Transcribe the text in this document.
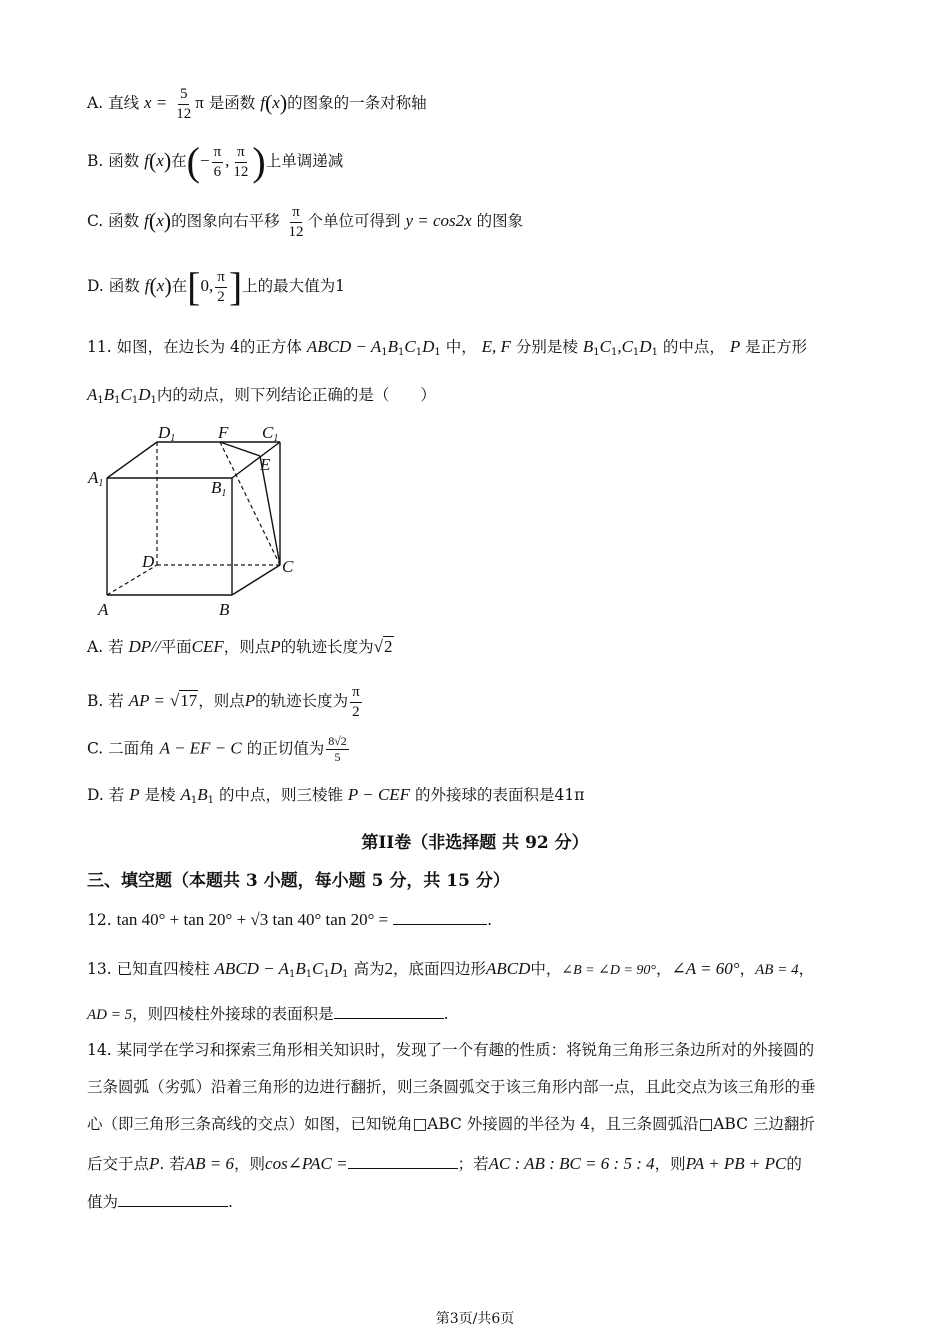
A. 直线 $x = \frac{5}{12}$ π 是函数 f(x)的图象的一条对称轴
B. 函数 f(x)在(− $\frac{\pi}{6}$ , $\frac{\pi}{12}$ )上单调递减
C. 函数 f(x)的图象向右平移 $\frac{\pi}{12}$ 个单位可得到 y = cos2x 的图象
D. 函数 f(x)在[0, $\frac{\pi}{2}$ ]上的最大值为1
11. 如图，在边长为 4的正方体 ABCD − $A_1B_1C_1D_1$ 中， E, F 分别是棱 $B_1C_1,C_1D_1$ 的中点， P 是正方形
$A_1B_1C_1D_1$内的动点，则下列结论正确的是（　　）
D1	C1
A1	B1
A	B
C
D
F
E
A. 若 DP//平面CEF，则点P的轨迹长度为√2
B. 若 AP = √17，则点P的轨迹长度为 $\frac{\pi}{2}$
C. 二面角 A − EF − C 的正切值为 $\frac{8√2}{5}$
D. 若 P 是棱 $A_1B_1$ 的中点，则三棱锥 P − CEF 的外接球的表面积是41π
第II卷（非选择题 共 92 分）
三、填空题（本题共 3 小题，每小题 5 分，共 15 分）
12. tan 40° + tan 20° + √3 tan 40° tan 20° =	.
13. 已知直四棱柱 ABCD − $A_1B_1C_1D_1$ 高为2，底面四边形ABCD中，∠B = ∠D = 90°，∠A = 60°，AB = 4，
AD = 5，则四棱柱外接球的表面积是	.
14. 某同学在学习和探索三角形相关知识时，发现了一个有趣的性质：将锐角三角形三条边所对的外接圆的
三条圆弧（劣弧）沿着三角形的边进行翻折，则三条圆弧交于该三角形内部一点，且此交点为该三角形的垂
心（即三角形三条高线的交点）如图，已知锐角□ABC 外接圆的半径为 4，且三条圆弧沿□ABC 三边翻折
后交于点P. 若AB = 6，则cos∠PAC =	；若AC : AB : BC = 6 : 5 : 4，则PA + PB + PC的
值为	.
第3页/共6页
